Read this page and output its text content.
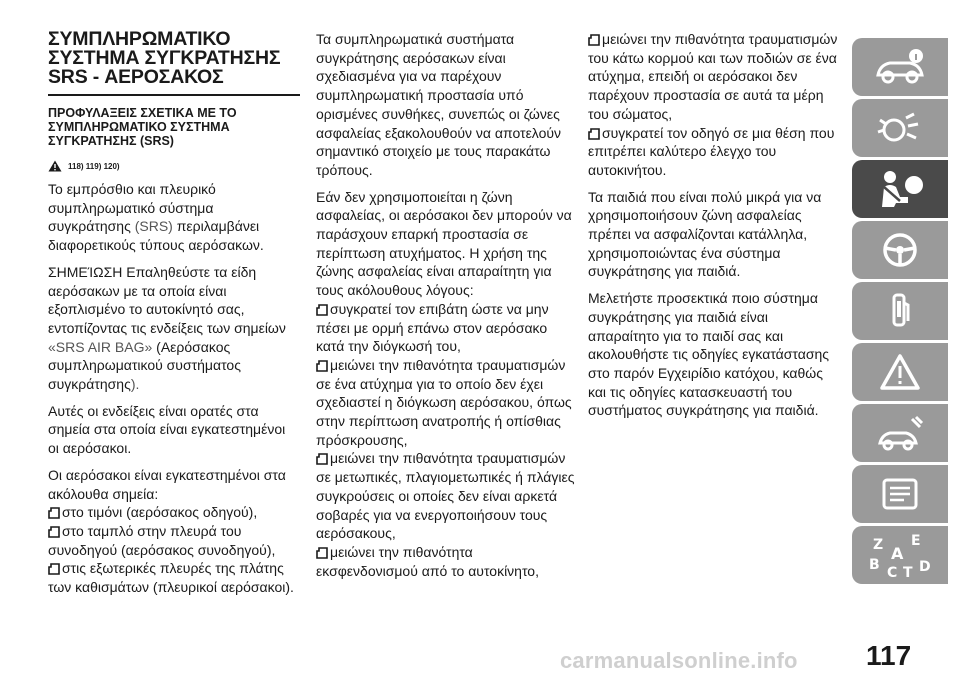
ΣΥΜΠΛΗΡΩΜΑΤΙΚΟ
ΣΥΣΤΗΜΑ ΣΥΓΚΡΑΤΗΣΗΣ
SRS - ΑΕΡΟΣΑΚΟΣ
ΠΡΟΦΥΛΑΞΕΙΣ ΣΧΕΤΙΚΑ ΜΕ ΤΟ
ΣΥΜΠΛΗΡΩΜΑΤΙΚΟ ΣΥΣΤΗΜΑ
ΣΥΓΚΡΑΤΗΣΗΣ (SRS)
118) 119) 120)

Το εμπρόσθιο και πλευρικό συμπληρωματικό σύστημα συγκράτησης (SRS) περιλαμβάνει διαφορετικούς τύπους αερόσακων.

ΣΗΜΕΊΩΣΗ Επαληθεύστε τα είδη αερόσακων με τα οποία είναι εξοπλισμένο το αυτοκίνητό σας, εντοπίζοντας τις ενδείξεις των σημείων «SRS AIR BAG» (Αερόσακος συμπληρωματικού συστήματος συγκράτησης).

Αυτές οι ενδείξεις είναι ορατές στα σημεία στα οποία είναι εγκατεστημένοι οι αερόσακοι.

Οι αερόσακοι είναι εγκατεστημένοι στα ακόλουθα σημεία:

στο τιμόνι (αερόσακος οδηγού),

στο ταμπλό στην πλευρά του συνοδηγού (αερόσακος συνοδηγού),

στις εξωτερικές πλευρές της πλάτης των καθισμάτων (πλευρικοί αερόσακοι).

Τα συμπληρωματικά συστήματα συγκράτησης αερόσακων είναι σχεδιασμένα για να παρέχουν συμπληρωματική προστασία υπό ορισμένες συνθήκες, συνεπώς οι ζώνες ασφαλείας εξακολουθούν να αποτελούν σημαντικό στοιχείο με τους παρακάτω τρόπους.

Εάν δεν χρησιμοποιείται η ζώνη ασφαλείας, οι αερόσακοι δεν μπορούν να παράσχουν επαρκή προστασία σε περίπτωση ατυχήματος. Η χρήση της ζώνης ασφαλείας είναι απαραίτητη για τους ακόλουθους λόγους:

συγκρατεί τον επιβάτη ώστε να μην πέσει με ορμή επάνω στον αερόσακο κατά την διόγκωσή του,

μειώνει την πιθανότητα τραυματισμών σε ένα ατύχημα για το οποίο δεν έχει σχεδιαστεί η διόγκωση αερόσακου, όπως στην περίπτωση ανατροπής ή οπίσθιας πρόσκρουσης,

μειώνει την πιθανότητα τραυματισμών σε μετωπικές, πλαγιομετωπικές ή πλάγιες συγκρούσεις οι οποίες δεν είναι αρκετά σοβαρές για να ενεργοποιήσουν τους αερόσακους,

μειώνει την πιθανότητα εκσφενδονισμού από το αυτοκίνητο,

μειώνει την πιθανότητα τραυματισμών του κάτω κορμού και των ποδιών σε ένα ατύχημα, επειδή οι αερόσακοι δεν παρέχουν προστασία σε αυτά τα μέρη του σώματος,

συγκρατεί τον οδηγό σε μια θέση που επιτρέπει καλύτερο έλεγχο του αυτοκινήτου.

Τα παιδιά που είναι πολύ μικρά για να χρησιμοποιήσουν ζώνη ασφαλείας πρέπει να ασφαλίζονται κατάλληλα, χρησιμοποιώντας ένα σύστημα συγκράτησης για παιδιά.

Μελετήστε προσεκτικά ποιο σύστημα συγκράτησης για παιδιά είναι απαραίτητο για το παιδί σας και ακολουθήστε τις οδηγίες εγκατάστασης στο παρόν Εγχειρίδιο κατόχου, καθώς και τις οδηγίες κατασκευαστή του συστήματος συγκράτησης για παιδιά.

Z E
B C T D
A
117
carmanualsonline.info
